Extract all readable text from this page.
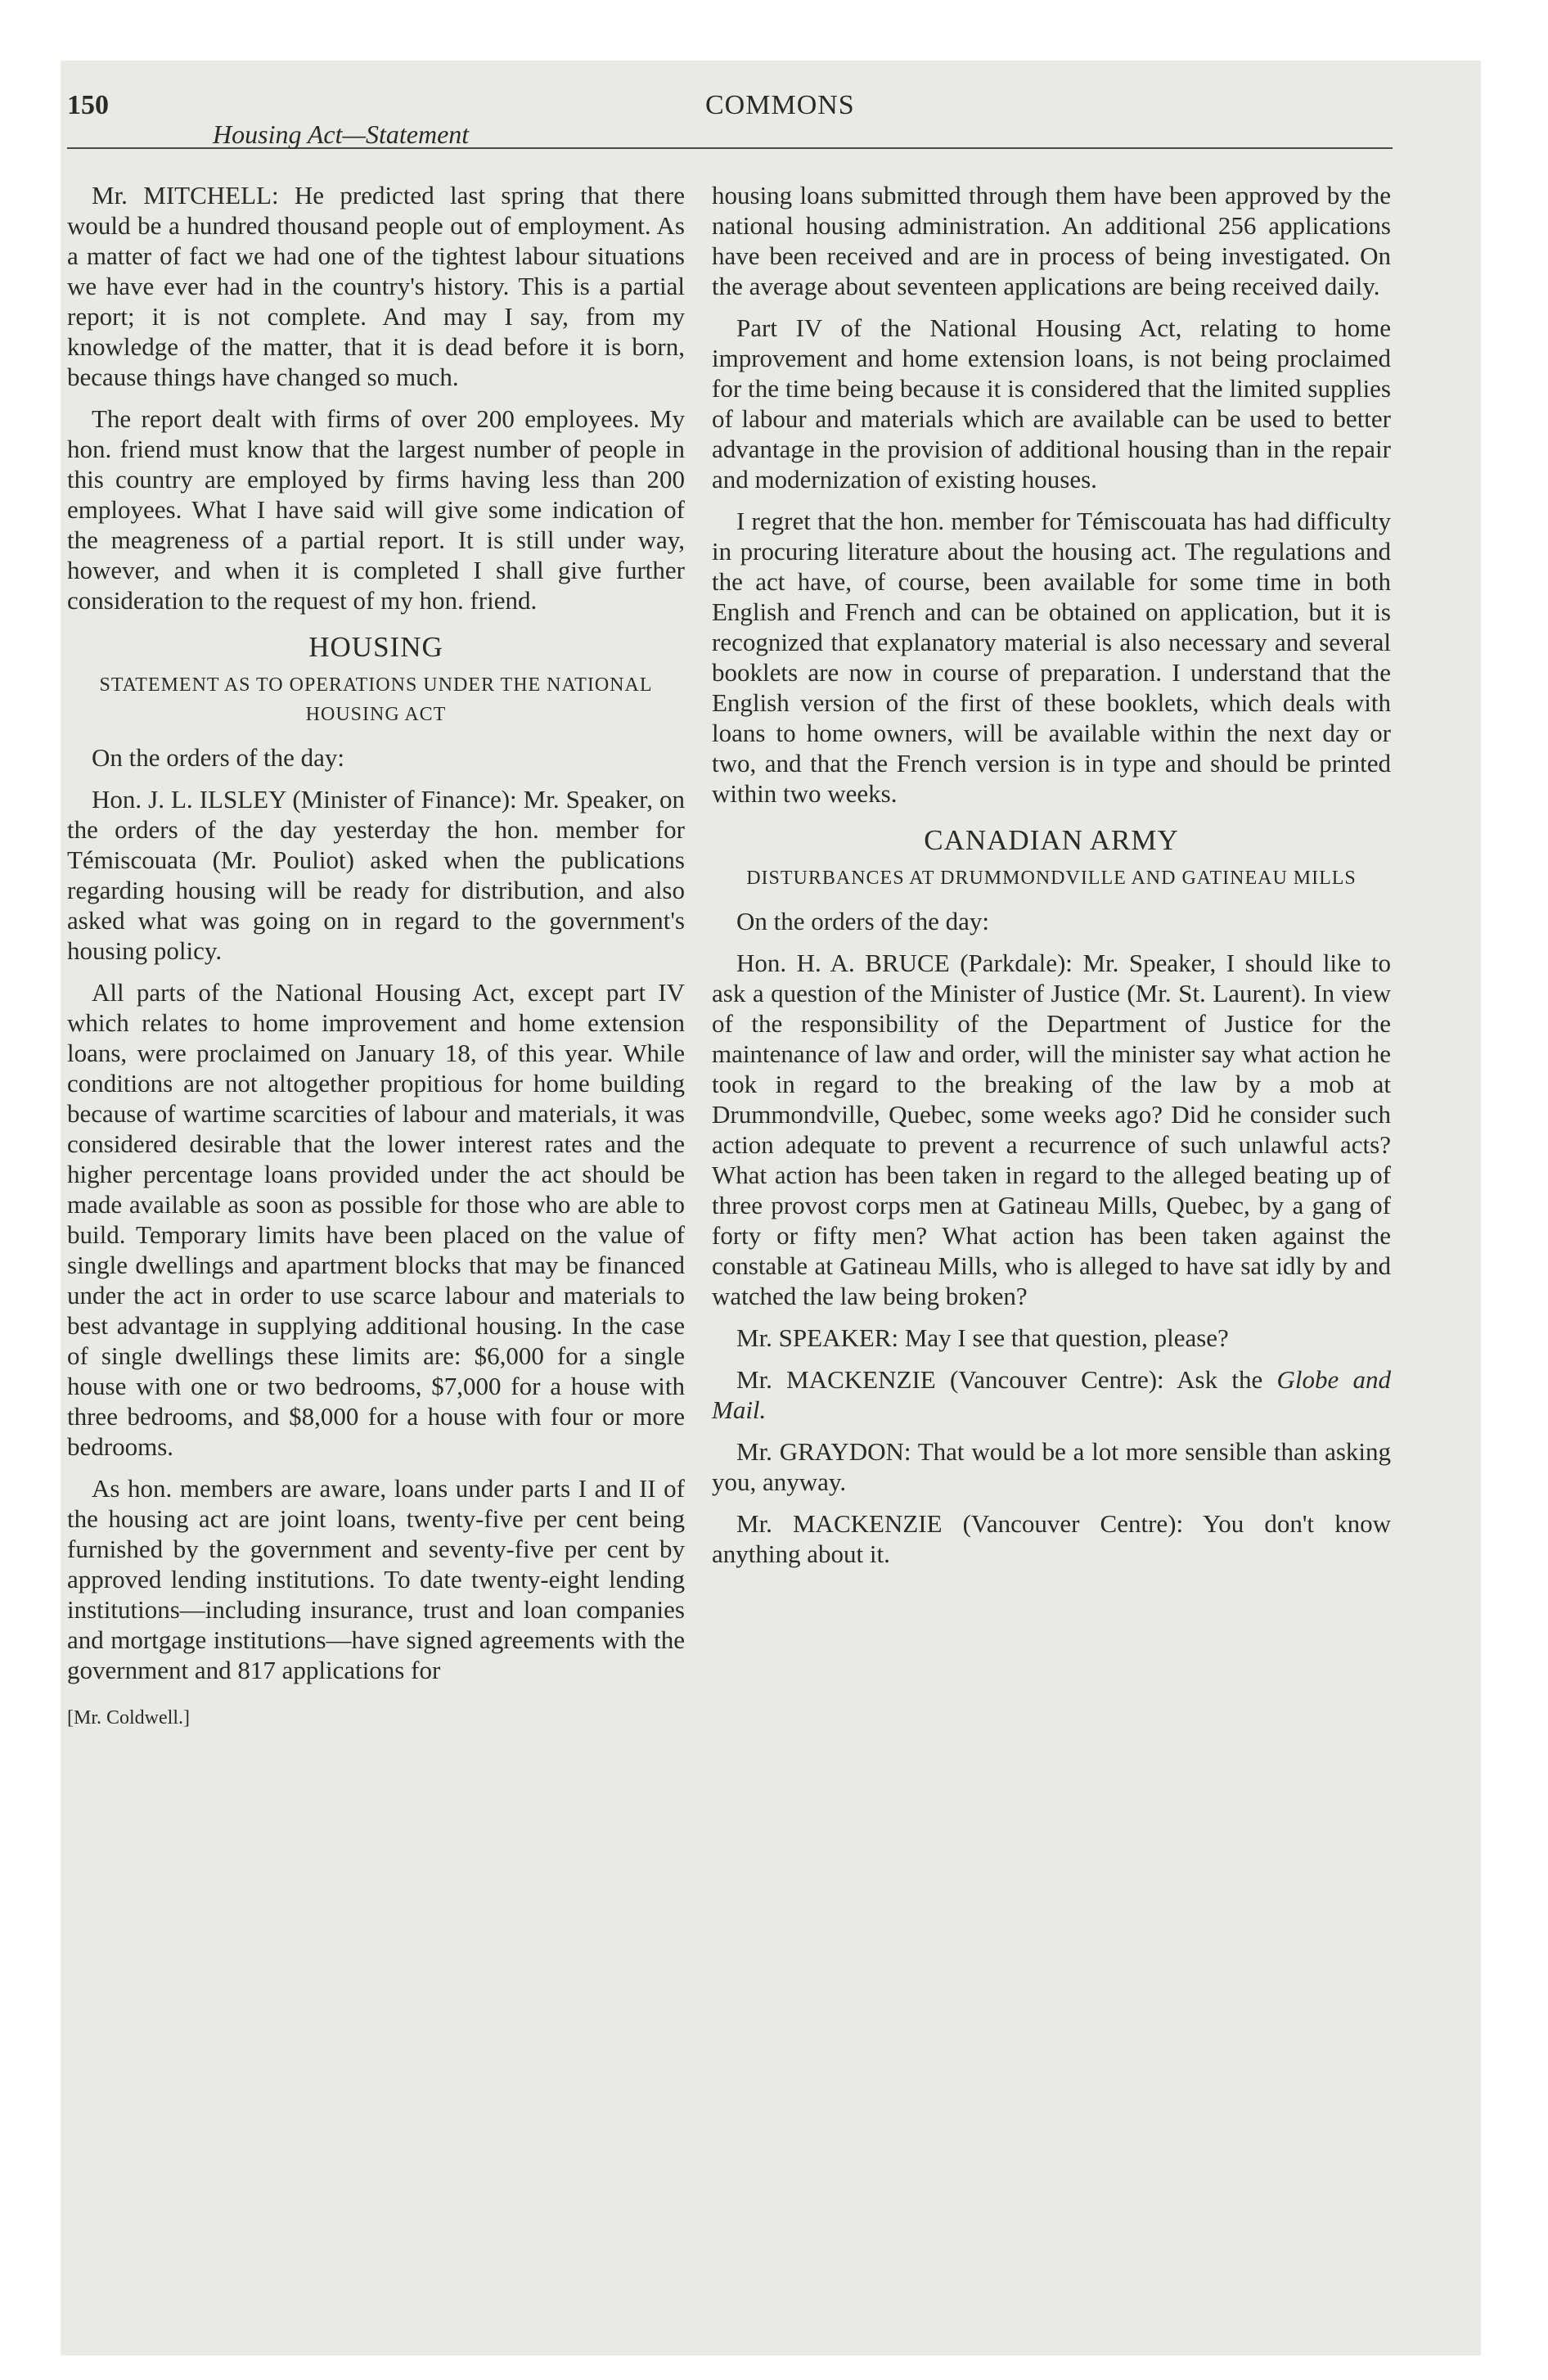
150
Housing Act—Statement
COMMONS

Mr. MITCHELL: He predicted last spring that there would be a hundred thousand people out of employment. As a matter of fact we had one of the tightest labour situations we have ever had in the country's history. This is a partial report; it is not complete. And may I say, from my knowledge of the matter, that it is dead before it is born, because things have changed so much.

The report dealt with firms of over 200 employees. My hon. friend must know that the largest number of people in this country are employed by firms having less than 200 employees. What I have said will give some indication of the meagreness of a partial report. It is still under way, however, and when it is completed I shall give further consideration to the request of my hon. friend.

HOUSING
STATEMENT AS TO OPERATIONS UNDER THE NATIONAL HOUSING ACT

On the orders of the day:

Hon. J. L. ILSLEY (Minister of Finance): Mr. Speaker, on the orders of the day yesterday the hon. member for Témiscouata (Mr. Pouliot) asked when the publications regarding housing will be ready for distribution, and also asked what was going on in regard to the government's housing policy.

All parts of the National Housing Act, except part IV which relates to home improvement and home extension loans, were proclaimed on January 18, of this year. While conditions are not altogether propitious for home building because of wartime scarcities of labour and materials, it was considered desirable that the lower interest rates and the higher percentage loans provided under the act should be made available as soon as possible for those who are able to build. Temporary limits have been placed on the value of single dwellings and apartment blocks that may be financed under the act in order to use scarce labour and materials to best advantage in supplying additional housing. In the case of single dwellings these limits are: $6,000 for a single house with one or two bedrooms, $7,000 for a house with three bedrooms, and $8,000 for a house with four or more bedrooms.

As hon. members are aware, loans under parts I and II of the housing act are joint loans, twenty-five per cent being furnished by the government and seventy-five per cent by approved lending institutions. To date twenty-eight lending institutions—including insurance, trust and loan companies and mortgage institutions—have signed agreements with the government and 817 applications for

[Mr. Coldwell.]

housing loans submitted through them have been approved by the national housing administration. An additional 256 applications have been received and are in process of being investigated. On the average about seventeen applications are being received daily.

Part IV of the National Housing Act, relating to home improvement and home extension loans, is not being proclaimed for the time being because it is considered that the limited supplies of labour and materials which are available can be used to better advantage in the provision of additional housing than in the repair and modernization of existing houses.

I regret that the hon. member for Témiscouata has had difficulty in procuring literature about the housing act. The regulations and the act have, of course, been available for some time in both English and French and can be obtained on application, but it is recognized that explanatory material is also necessary and several booklets are now in course of preparation. I understand that the English version of the first of these booklets, which deals with loans to home owners, will be available within the next day or two, and that the French version is in type and should be printed within two weeks.

CANADIAN ARMY
DISTURBANCES AT DRUMMONDVILLE AND GATINEAU MILLS

On the orders of the day:

Hon. H. A. BRUCE (Parkdale): Mr. Speaker, I should like to ask a question of the Minister of Justice (Mr. St. Laurent). In view of the responsibility of the Department of Justice for the maintenance of law and order, will the minister say what action he took in regard to the breaking of the law by a mob at Drummondville, Quebec, some weeks ago? Did he consider such action adequate to prevent a recurrence of such unlawful acts? What action has been taken in regard to the alleged beating up of three provost corps men at Gatineau Mills, Quebec, by a gang of forty or fifty men? What action has been taken against the constable at Gatineau Mills, who is alleged to have sat idly by and watched the law being broken?

Mr. SPEAKER: May I see that question, please?

Mr. MACKENZIE (Vancouver Centre): Ask the Globe and Mail.

Mr. GRAYDON: That would be a lot more sensible than asking you, anyway.

Mr. MACKENZIE (Vancouver Centre): You don't know anything about it.
